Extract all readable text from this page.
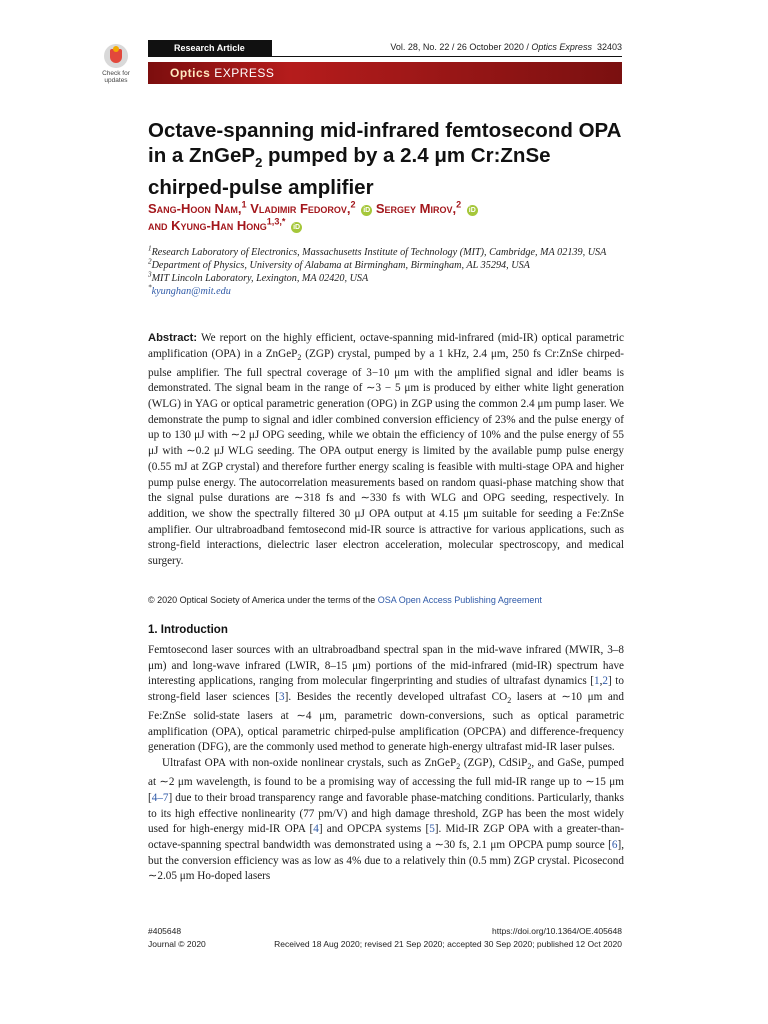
Check for updates
Research Article	Vol. 28, No. 22 / 26 October 2020 / Optics Express 32403
Optics EXPRESS
Octave-spanning mid-infrared femtosecond OPA
in a ZnGeP$_2$ pumped by a 2.4 μm Cr:ZnSe
chirped-pulse amplifier
Sang-Hoon Nam,$^1$ Vladimir Fedorov,$^2$ iD Sergey Mirov,$^2$ iD
and Kyung-Han Hong$^{1,3,*}$ iD

$^1$Research Laboratory of Electronics, Massachusetts Institute of Technology (MIT), Cambridge, MA 02139, USA

$^2$Department of Physics, University of Alabama at Birmingham, Birmingham, AL 35294, USA

$^3$MIT Lincoln Laboratory, Lexington, MA 02420, USA

*kyunghan@mit.edu

Abstract: We report on the highly efficient, octave-spanning mid-infrared (mid-IR) optical parametric amplification (OPA) in a ZnGeP$_2$ (ZGP) crystal, pumped by a 1 kHz, 2.4 μm, 250 fs Cr:ZnSe chirped-pulse amplifier. The full spectral coverage of 3−10 μm with the amplified signal and idler beams is demonstrated. The signal beam in the range of ∼3 − 5 μm is produced by either white light generation (WLG) in YAG or optical parametric generation (OPG) in ZGP using the common 2.4 μm pump laser. We demonstrate the pump to signal and idler combined conversion efficiency of 23% and the pulse energy of up to 130 μJ with ∼2 μJ OPG seeding, while we obtain the efficiency of 10% and the pulse energy of 55 μJ with ∼0.2 μJ WLG seeding. The OPA output energy is limited by the available pump pulse energy (0.55 mJ at ZGP crystal) and therefore further energy scaling is feasible with multi-stage OPA and higher pump pulse energy. The autocorrelation measurements based on random quasi-phase matching show that the signal pulse durations are ∼318 fs and ∼330 fs with WLG and OPG seeding, respectively. In addition, we show the spectrally filtered 30 μJ OPA output at 4.15 μm suitable for seeding a Fe:ZnSe amplifier. Our ultrabroadband femtosecond mid-IR source is attractive for various applications, such as strong-field interactions, dielectric laser electron acceleration, molecular spectroscopy, and medical surgery.
© 2020 Optical Society of America under the terms of the OSA Open Access Publishing Agreement
1. Introduction

Femtosecond laser sources with an ultrabroadband spectral span in the mid-wave infrared (MWIR, 3–8 μm) and long-wave infrared (LWIR, 8–15 μm) portions of the mid-infrared (mid-IR) spectrum have interesting applications, ranging from molecular fingerprinting and studies of ultrafast dynamics [1,2] to strong-field laser sciences [3]. Besides the recently developed ultrafast $CO_2$ lasers at ∼10 μm and Fe:ZnSe solid-state lasers at ∼4 μm, parametric down-conversions, such as optical parametric amplification (OPA), optical parametric chirped-pulse amplification (OPCPA) and difference-frequency generation (DFG), are the commonly used method to generate high-energy ultrafast mid-IR laser pulses.

Ultrafast OPA with non-oxide nonlinear crystals, such as ZnGeP$_2$ (ZGP), CdSiP$_2$, and GaSe, pumped at ∼2 μm wavelength, is found to be a promising way of accessing the full mid-IR range up to ∼15 μm [4–7] due to their broad transparency range and favorable phase-matching conditions. Particularly, thanks to its high effective nonlinearity (77 pm/V) and high damage threshold, ZGP has been the most widely used for high-energy mid-IR OPA [4] and OPCPA systems [5]. Mid-IR ZGP OPA with a greater-than-octave-spanning spectral bandwidth was demonstrated using a ∼30 fs, 2.1 μm OPCPA pump source [6], but the conversion efficiency was as low as 4% due to a relatively thin (0.5 mm) ZGP crystal. Picosecond ∼2.05 μm Ho-doped lasers

#405648
Journal © 2020
https://doi.org/10.1364/OE.405648
Received 18 Aug 2020; revised 21 Sep 2020; accepted 30 Sep 2020; published 12 Oct 2020
